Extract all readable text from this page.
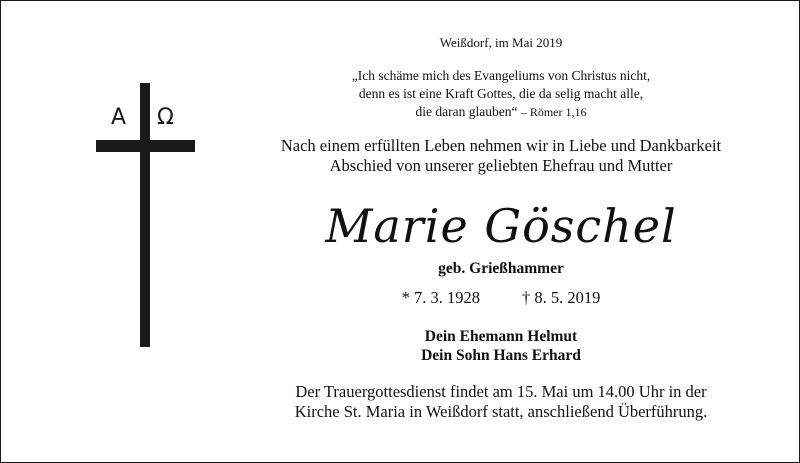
A Ω
Weißdorf, im Mai 2019
„Ich schäme mich des Evangeliums von Christus nicht,
denn es ist eine Kraft Gottes, die da selig macht alle,
die daran glauben“ – Römer 1,16
Nach einem erfüllten Leben nehmen wir in Liebe und Dankbarkeit
Abschied von unserer geliebten Ehefrau und Mutter
Marie Göschel
geb. Grießhammer
* 7. 3. 1928	† 8. 5. 2019
Dein Ehemann Helmut
Dein Sohn Hans Erhard
Der Trauergottesdienst findet am 15. Mai um 14.00 Uhr in der
Kirche St. Maria in Weißdorf statt, anschließend Überführung.
